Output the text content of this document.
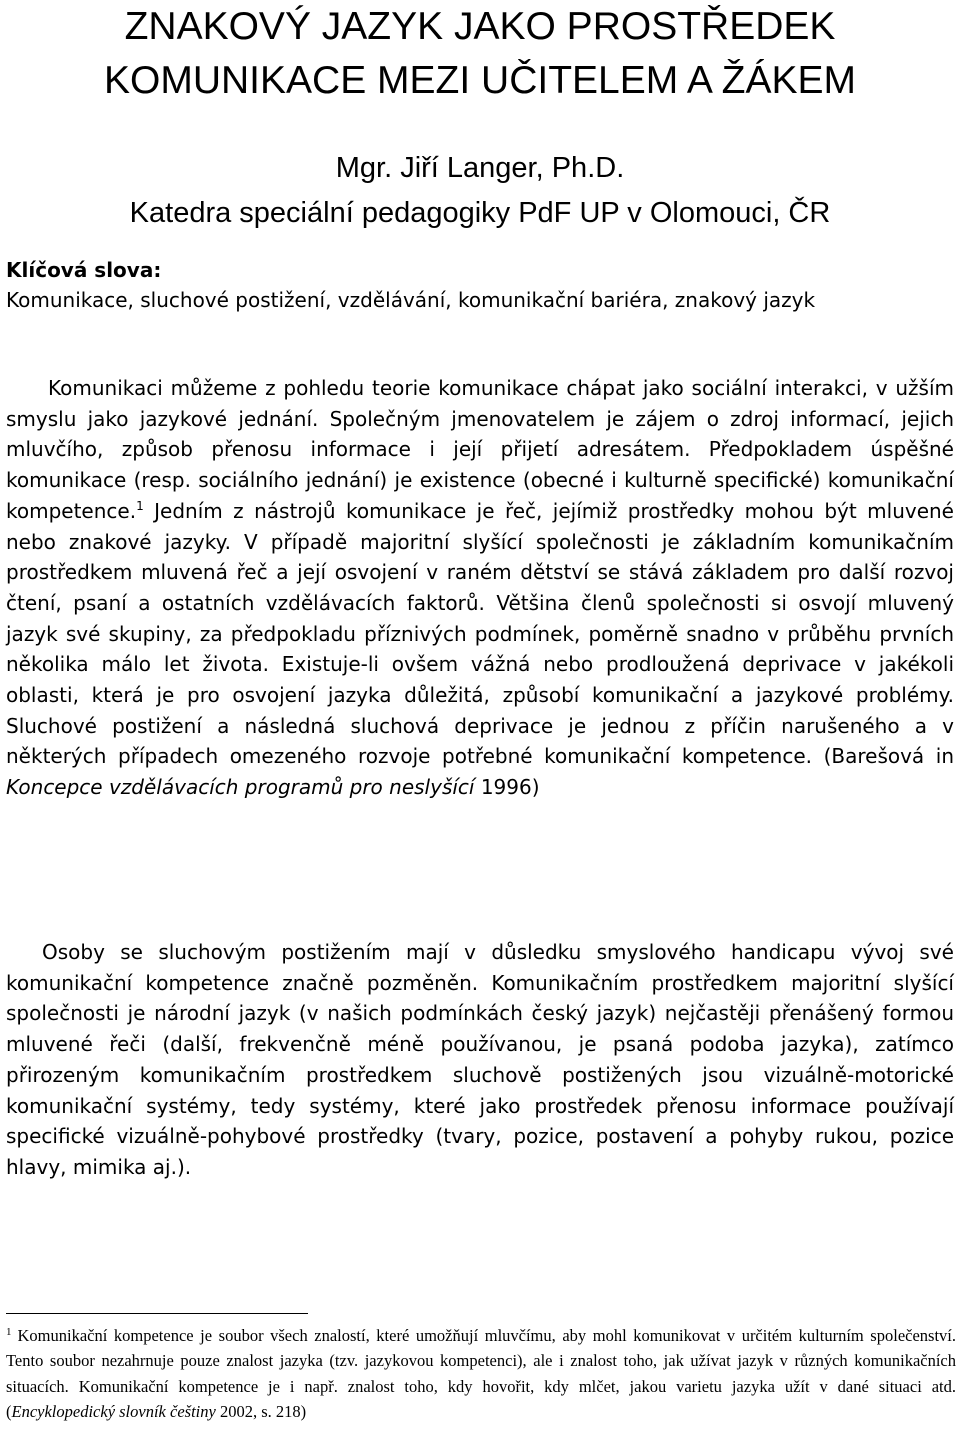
ZNAKOVÝ JAZYK JAKO PROSTŘEDEK
KOMUNIKACE MEZI UČITELEM A ŽÁKEM
Mgr. Jiří Langer, Ph.D.
Katedra speciální pedagogiky PdF UP v Olomouci, ČR
Klíčová slova:
Komunikace, sluchové postižení, vzdělávání, komunikační bariéra, znakový jazyk

Komunikaci můžeme z pohledu teorie komunikace chápat jako sociální interakci, v užším smyslu jako jazykové jednání. Společným jmenovatelem je zájem o zdroj informací, jejich mluvčího, způsob přenosu informace i její přijetí adresátem. Předpokladem úspěšné komunikace (resp. sociálního jednání) je existence (obecné i kulturně specifické) komunikační kompetence.$^1$ Jedním z nástrojů komunikace je řeč, jejímiž prostředky mohou být mluvené nebo znakové jazyky. V případě majoritní slyšící společnosti je základním komunikačním prostředkem mluvená řeč a její osvojení v raném dětství se stává základem pro další rozvoj čtení, psaní a ostatních vzdělávacích faktorů. Většina členů společnosti si osvojí mluvený jazyk své skupiny, za předpokladu příznivých podmínek, poměrně snadno v průběhu prvních několika málo let života. Existuje-li ovšem vážná nebo prodloužená deprivace v jakékoli oblasti, která je pro osvojení jazyka důležitá, způsobí komunikační a jazykové problémy. Sluchové postižení a následná sluchová deprivace je jednou z příčin narušeného a v některých případech omezeného rozvoje potřebné komunikační kompetence. (Barešová in Koncepce vzdělávacích programů pro neslyšící 1996)

Osoby se sluchovým postižením mají v důsledku smyslového handicapu vývoj své komunikační kompetence značně pozměněn. Komunikačním prostředkem majoritní slyšící společnosti je národní jazyk (v našich podmínkách český jazyk) nejčastěji přenášený formou mluvené řeči (další, frekvenčně méně používanou, je psaná podoba jazyka), zatímco přirozeným komunikačním prostředkem sluchově postižených jsou vizuálně-motorické komunikační systémy, tedy systémy, které jako prostředek přenosu informace používají specifické vizuálně-pohybové prostředky (tvary, pozice, postavení a pohyby rukou, pozice hlavy, mimika aj.).

$^1$ Komunikační kompetence je soubor všech znalostí, které umožňují mluvčímu, aby mohl komunikovat v určitém kulturním společenství. Tento soubor nezahrnuje pouze znalost jazyka (tzv. jazykovou kompetenci), ale i znalost toho, jak užívat jazyk v různých komunikačních situacích. Komunikační kompetence je i např. znalost toho, kdy hovořit, kdy mlčet, jakou varietu jazyka užít v dané situaci atd. (Encyklopedický slovník češtiny 2002, s. 218)
